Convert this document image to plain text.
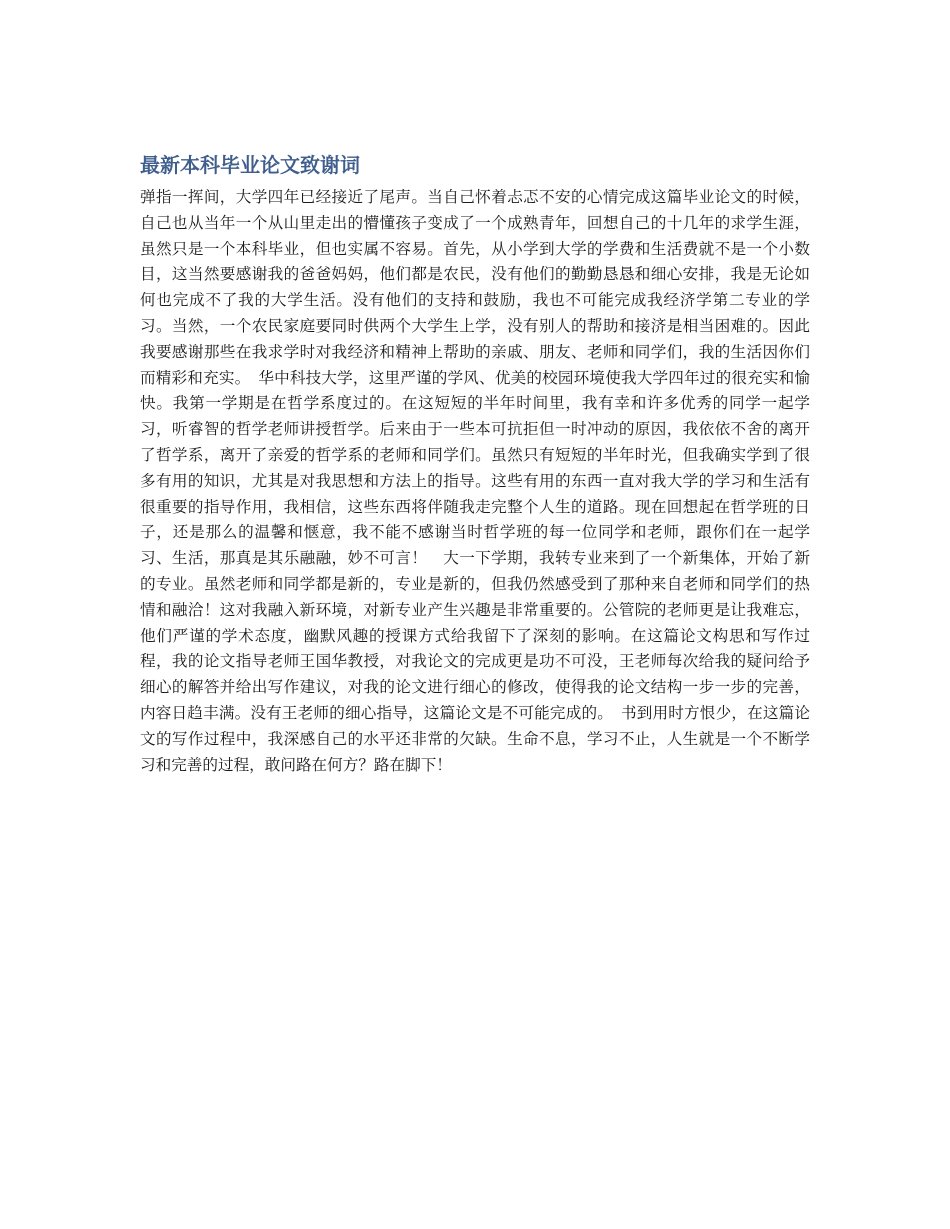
最新本科毕业论文致谢词

弹指一挥间，大学四年已经接近了尾声。当自己怀着忐忑不安的心情完成这篇毕业论文的时候，自己也从当年一个从山里走出的懵懂孩子变成了一个成熟青年，回想自己的十几年的求学生涯，虽然只是一个本科毕业，但也实属不容易。首先，从小学到大学的学费和生活费就不是一个小数目，这当然要感谢我的爸爸妈妈，他们都是农民，没有他们的勤勤恳恳和细心安排，我是无论如何也完成不了我的大学生活。没有他们的支持和鼓励，我也不可能完成我经济学第二专业的学习。当然，一个农民家庭要同时供两个大学生上学，没有别人的帮助和接济是相当困难的。因此我要感谢那些在我求学时对我经济和精神上帮助的亲戚、朋友、老师和同学们，我的生活因你们而精彩和充实。　华中科技大学，这里严谨的学风、优美的校园环境使我大学四年过的很充实和愉快。我第一学期是在哲学系度过的。在这短短的半年时间里，我有幸和许多优秀的同学一起学习，听睿智的哲学老师讲授哲学。后来由于一些本可抗拒但一时冲动的原因，我依依不舍的离开了哲学系，离开了亲爱的哲学系的老师和同学们。虽然只有短短的半年时光，但我确实学到了很多有用的知识，尤其是对我思想和方法上的指导。这些有用的东西一直对我大学的学习和生活有很重要的指导作用，我相信，这些东西将伴随我走完整个人生的道路。现在回想起在哲学班的日子，还是那么的温馨和惬意，我不能不感谢当时哲学班的每一位同学和老师，跟你们在一起学习、生活，那真是其乐融融，妙不可言！　大一下学期，我转专业来到了一个新集体，开始了新的专业。虽然老师和同学都是新的，专业是新的，但我仍然感受到了那种来自老师和同学们的热情和融洽！这对我融入新环境，对新专业产生兴趣是非常重要的。公管院的老师更是让我难忘，他们严谨的学术态度，幽默风趣的授课方式给我留下了深刻的影响。在这篇论文构思和写作过程，我的论文指导老师王国华教授，对我论文的完成更是功不可没，王老师每次给我的疑问给予细心的解答并给出写作建议，对我的论文进行细心的修改，使得我的论文结构一步一步的完善，内容日趋丰满。没有王老师的细心指导，这篇论文是不可能完成的。　书到用时方恨少，在这篇论文的写作过程中，我深感自己的水平还非常的欠缺。生命不息，学习不止，人生就是一个不断学习和完善的过程，敢问路在何方？路在脚下！
